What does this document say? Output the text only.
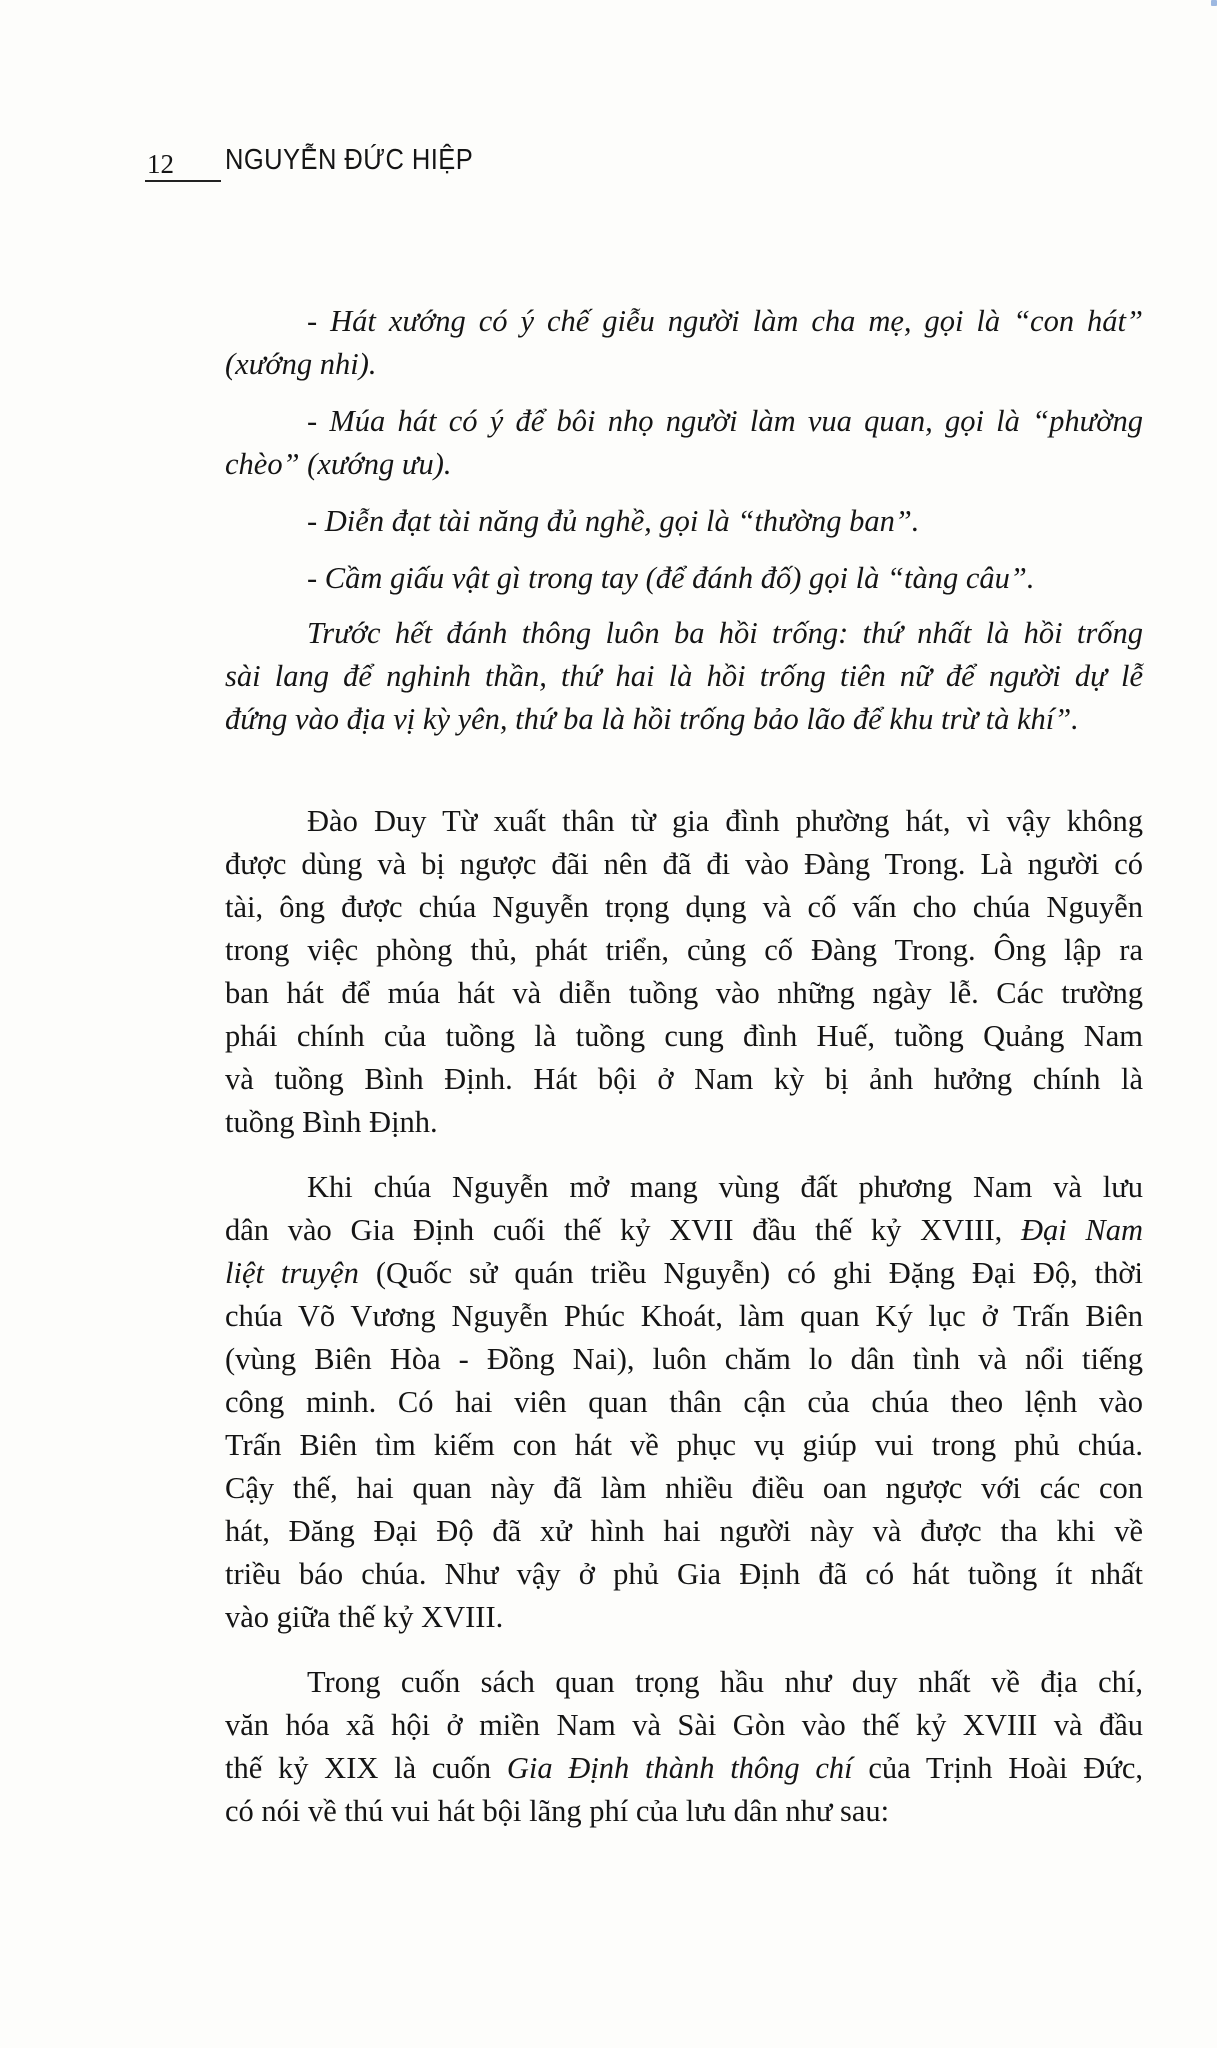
12 NGUYỄN ĐỨC HIỆP

- Hát xướng có ý chế giễu người làm cha mẹ, gọi là “con hát”
(xướng nhi).

- Múa hát có ý để bôi nhọ người làm vua quan, gọi là “phường
chèo” (xướng ưu).

- Diễn đạt tài năng đủ nghề, gọi là “thường ban”.

- Cầm giấu vật gì trong tay (để đánh đố) gọi là “tàng câu”.

Trước hết đánh thông luôn ba hồi trống: thứ nhất là hồi trống
sài lang để nghinh thần, thứ hai là hồi trống tiên nữ để người dự lễ
đứng vào địa vị kỳ yên, thứ ba là hồi trống bảo lão để khu trừ tà khí”.

Đào Duy Từ xuất thân từ gia đình phường hát, vì vậy không
được dùng và bị ngược đãi nên đã đi vào Đàng Trong. Là người có
tài, ông được chúa Nguyễn trọng dụng và cố vấn cho chúa Nguyễn
trong việc phòng thủ, phát triển, củng cố Đàng Trong. Ông lập ra
ban hát để múa hát và diễn tuồng vào những ngày lễ. Các trường
phái chính của tuồng là tuồng cung đình Huế, tuồng Quảng Nam
và tuồng Bình Định. Hát bội ở Nam kỳ bị ảnh hưởng chính là
tuồng Bình Định.

Khi chúa Nguyễn mở mang vùng đất phương Nam và lưu
dân vào Gia Định cuối thế kỷ XVII đầu thế kỷ XVIII, Đại Nam
liệt truyện (Quốc sử quán triều Nguyễn) có ghi Đặng Đại Độ, thời
chúa Võ Vương Nguyễn Phúc Khoát, làm quan Ký lục ở Trấn Biên
(vùng Biên Hòa - Đồng Nai), luôn chăm lo dân tình và nổi tiếng
công minh. Có hai viên quan thân cận của chúa theo lệnh vào
Trấn Biên tìm kiếm con hát về phục vụ giúp vui trong phủ chúa.
Cậy thế, hai quan này đã làm nhiều điều oan ngược với các con
hát, Đăng Đại Độ đã xử hình hai người này và được tha khi về
triều báo chúa. Như vậy ở phủ Gia Định đã có hát tuồng ít nhất
vào giữa thế kỷ XVIII.

Trong cuốn sách quan trọng hầu như duy nhất về địa chí,
văn hóa xã hội ở miền Nam và Sài Gòn vào thế kỷ XVIII và đầu
thế kỷ XIX là cuốn Gia Định thành thông chí của Trịnh Hoài Đức,
có nói về thú vui hát bội lãng phí của lưu dân như sau:
